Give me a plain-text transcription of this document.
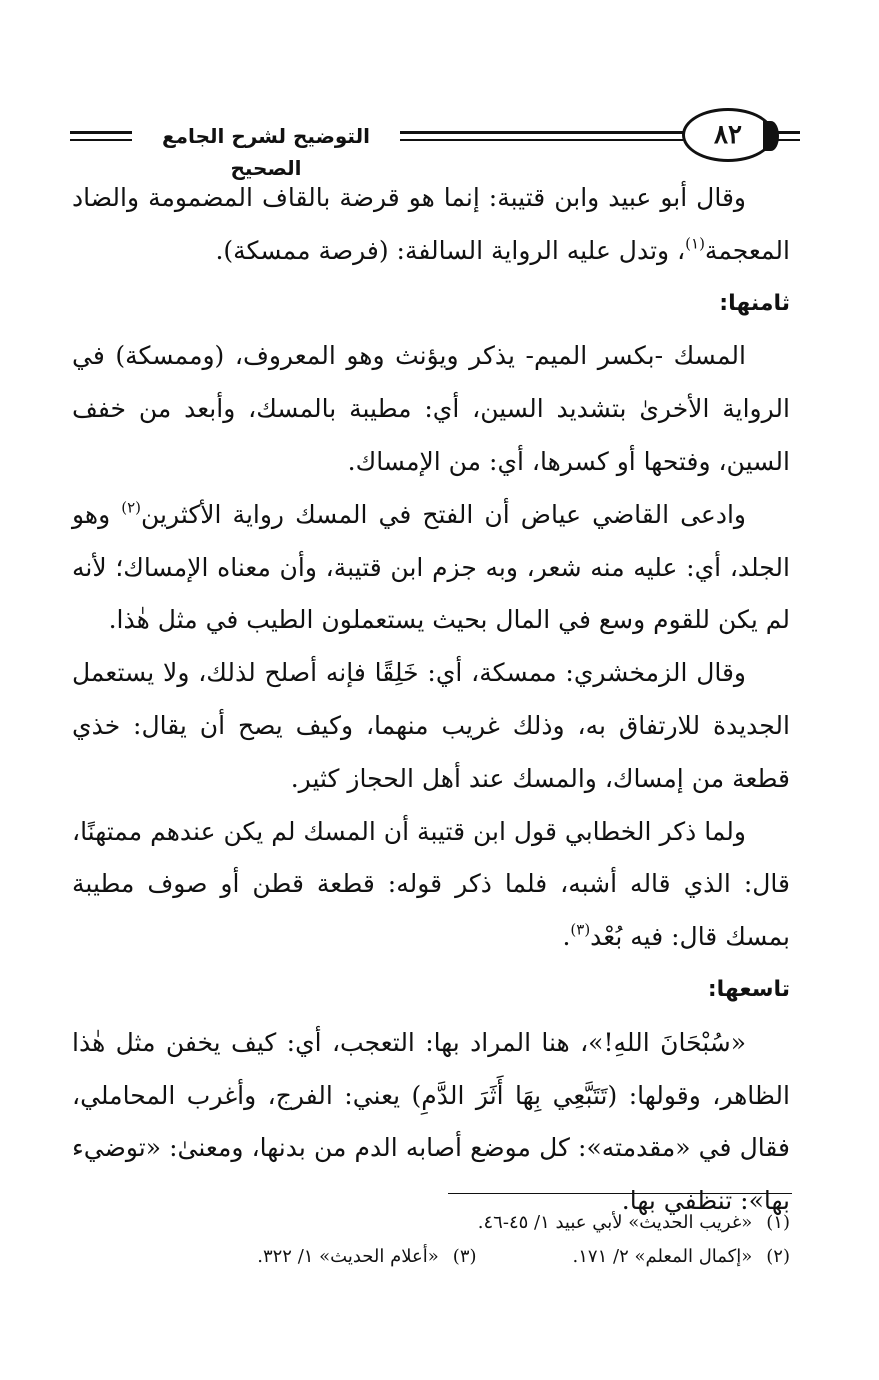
التوضيح لشرح الجامع الصحيح
٨٢

وقال أبو عبيد وابن قتيبة: إنما هو قرضة بالقاف المضمومة والضاد المعجمة$^{(١)}$، وتدل عليه الرواية السالفة: (فرصة ممسكة).

ثامنها:

المسك -بكسر الميم- يذكر ويؤنث وهو المعروف، (وممسكة) في الرواية الأخرىٰ بتشديد السين، أي: مطيبة بالمسك، وأبعد من خفف السين، وفتحها أو كسرها، أي: من الإمساك.

وادعى القاضي عياض أن الفتح في المسك رواية الأكثرين$^{(٢)}$ وهو الجلد، أي: عليه منه شعر، وبه جزم ابن قتيبة، وأن معناه الإمساك؛ لأنه لم يكن للقوم وسع في المال بحيث يستعملون الطيب في مثل هٰذا.

وقال الزمخشري: ممسكة، أي: خَلِقًا فإنه أصلح لذلك، ولا يستعمل الجديدة للارتفاق به، وذلك غريب منهما، وكيف يصح أن يقال: خذي قطعة من إمساك، والمسك عند أهل الحجاز كثير.

ولما ذكر الخطابي قول ابن قتيبة أن المسك لم يكن عندهم ممتهنًا، قال: الذي قاله أشبه، فلما ذكر قوله: قطعة قطن أو صوف مطيبة بمسك قال: فيه بُعْد$^{(٣)}$.

تاسعها:

«سُبْحَانَ اللهِ!»، هنا المراد بها: التعجب، أي: كيف يخفن مثل هٰذا الظاهر، وقولها: (تَتَبَّعِي بِهَا أَثَرَ الدَّمِ) يعني: الفرج، وأغرب المحاملي، فقال في «مقدمته»: كل موضع أصابه الدم من بدنها، ومعنىٰ: «توضيء بها»: تنظفي بها.

(١)«غريب الحديث» لأبي عبيد ١/ ٤٥-٤٦.
(٢)«إكمال المعلم» ٢/ ١٧١.
(٣)«أعلام الحديث» ١/ ٣٢٢.
